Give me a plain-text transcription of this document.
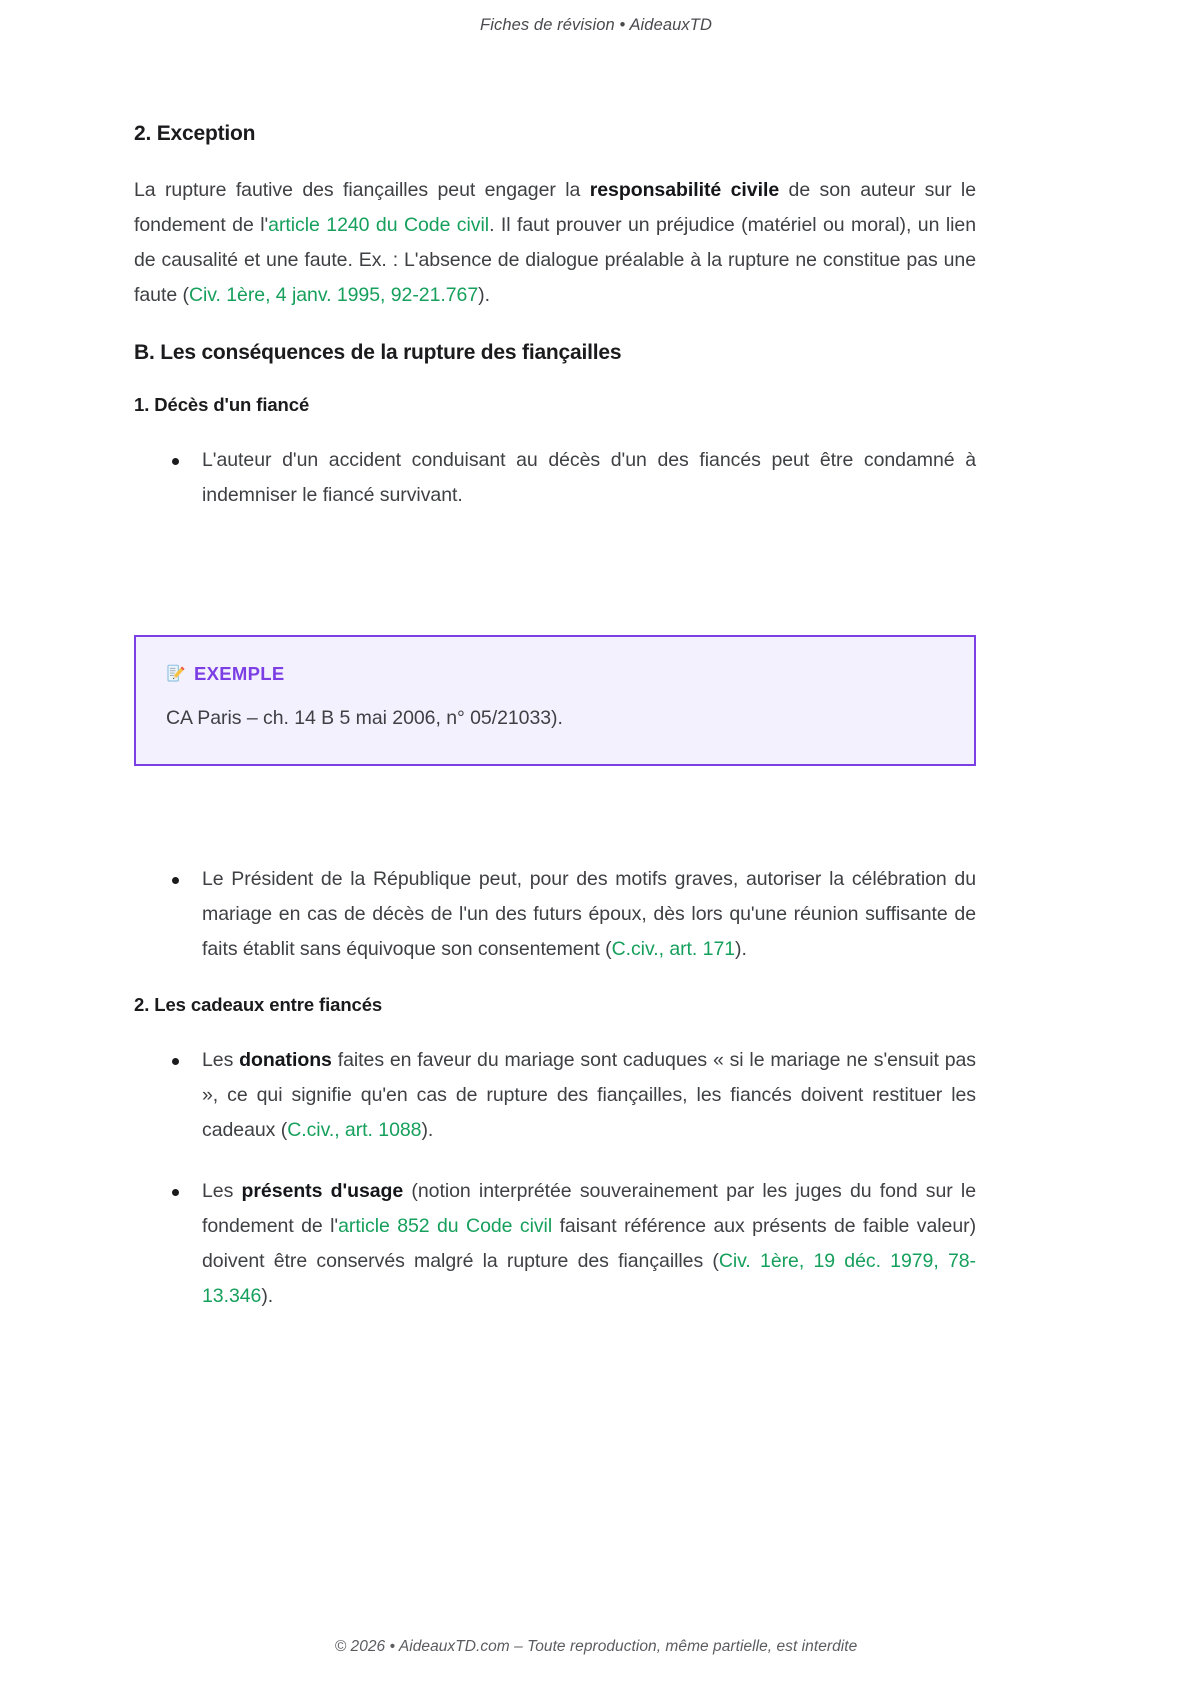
Fiches de révision • AideauxTD
2. Exception

La rupture fautive des fiançailles peut engager la responsabilité civile de son auteur sur le fondement de l'article 1240 du Code civil. Il faut prouver un préjudice (matériel ou moral), un lien de causalité et une faute. Ex. : L'absence de dialogue préalable à la rupture ne constitue pas une faute (Civ. 1ère, 4 janv. 1995, 92-21.767).

B. Les conséquences de la rupture des fiançailles
1. Décès d'un fiancé
L'auteur d'un accident conduisant au décès d'un des fiancés peut être condamné à indemniser le fiancé survivant.
EXEMPLE
CA Paris – ch. 14 B 5 mai 2006, n° 05/21033).
Le Président de la République peut, pour des motifs graves, autoriser la célébration du mariage en cas de décès de l'un des futurs époux, dès lors qu'une réunion suffisante de faits établit sans équivoque son consentement (C.civ., art. 171).
2. Les cadeaux entre fiancés
Les donations faites en faveur du mariage sont caduques « si le mariage ne s'ensuit pas », ce qui signifie qu'en cas de rupture des fiançailles, les fiancés doivent restituer les cadeaux (C.civ., art. 1088).
Les présents d'usage (notion interprétée souverainement par les juges du fond sur le fondement de l'article 852 du Code civil faisant référence aux présents de faible valeur) doivent être conservés malgré la rupture des fiançailles (Civ. 1ère, 19 déc. 1979, 78-13.346).
© 2026 • AideauxTD.com – Toute reproduction, même partielle, est interdite
